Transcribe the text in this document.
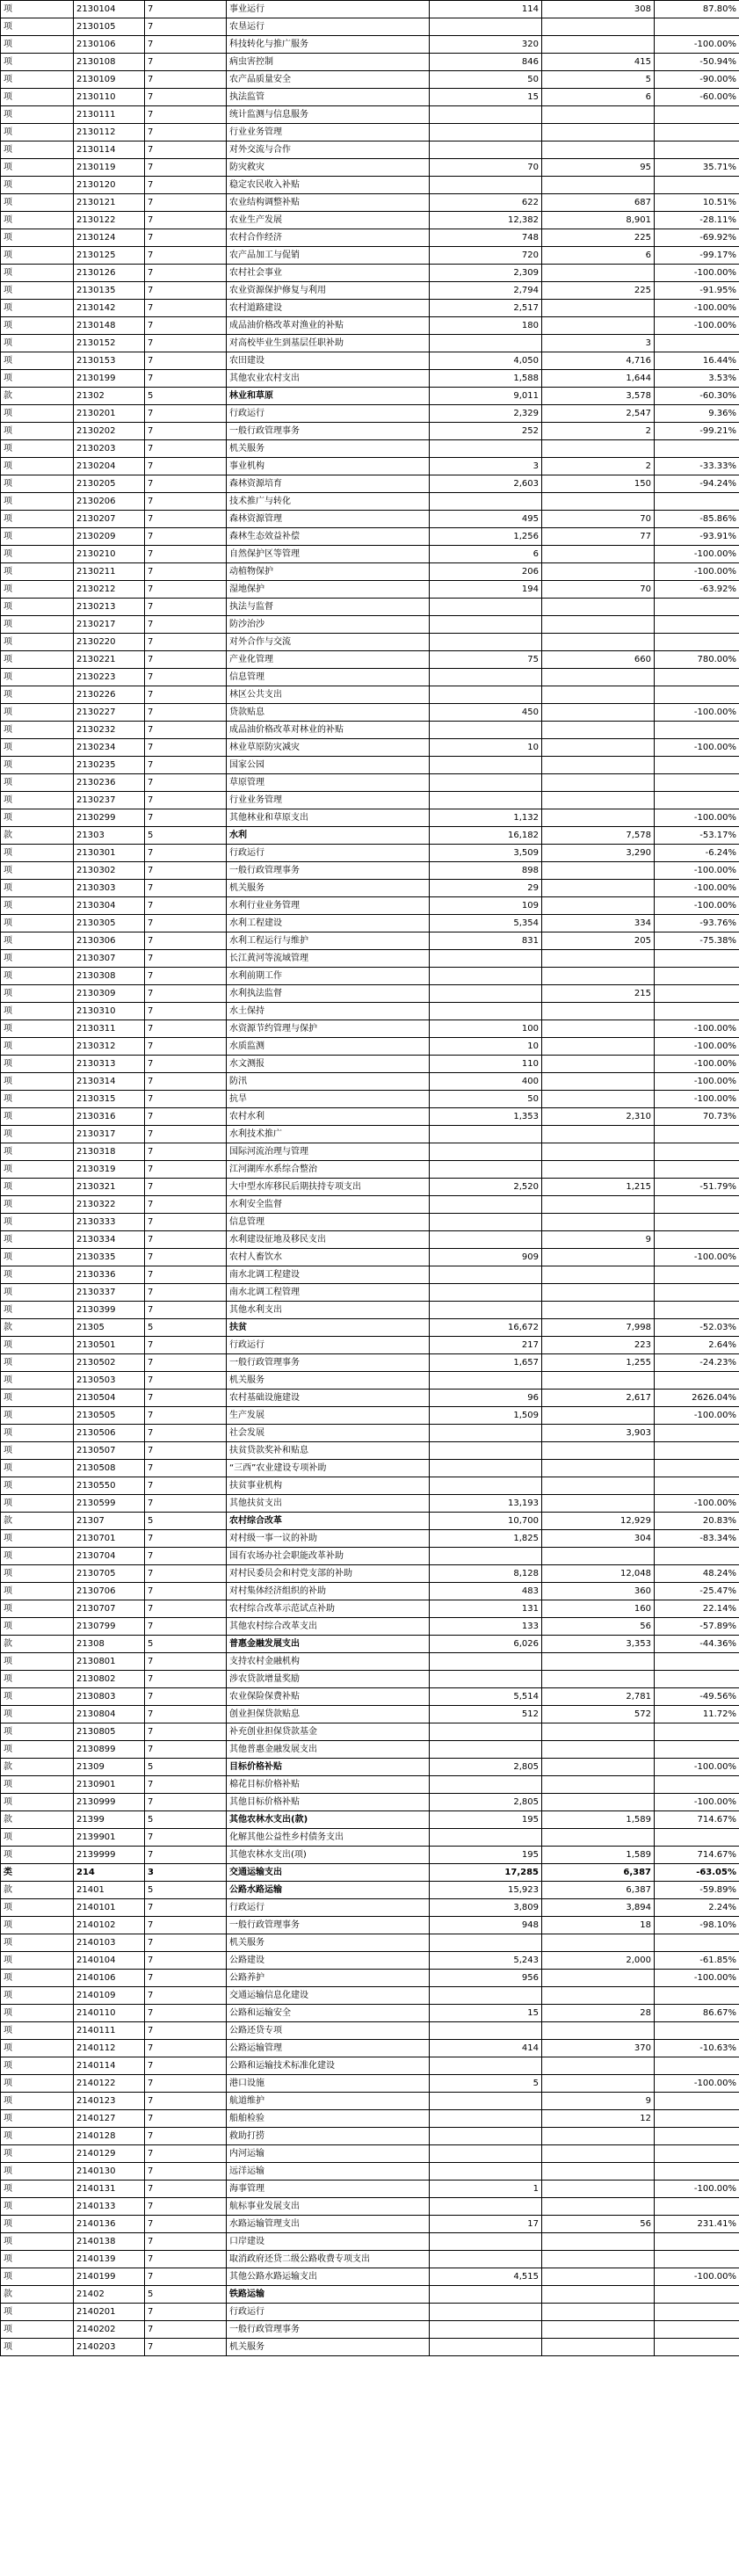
项	2130104	7	事业运行	114	308	87.80%
项	2130105	7	农垦运行			
项	2130106	7	科技转化与推广服务	320		-100.00%
项	2130108	7	病虫害控制	846	415	-50.94%
项	2130109	7	农产品质量安全	50	5	-90.00%
项	2130110	7	执法监管	15	6	-60.00%
项	2130111	7	统计监测与信息服务			
项	2130112	7	行业业务管理			
项	2130114	7	对外交流与合作			
项	2130119	7	防灾救灾	70	95	35.71%
项	2130120	7	稳定农民收入补贴			
项	2130121	7	农业结构调整补贴	622	687	10.51%
项	2130122	7	农业生产发展	12,382	8,901	-28.11%
项	2130124	7	农村合作经济	748	225	-69.92%
项	2130125	7	农产品加工与促销	720	6	-99.17%
项	2130126	7	农村社会事业	2,309		-100.00%
项	2130135	7	农业资源保护修复与利用	2,794	225	-91.95%
项	2130142	7	农村道路建设	2,517		-100.00%
项	2130148	7	成品油价格改革对渔业的补贴	180		-100.00%
项	2130152	7	对高校毕业生到基层任职补助		3	
项	2130153	7	农田建设	4,050	4,716	16.44%
项	2130199	7	其他农业农村支出	1,588	1,644	3.53%
款	21302	5	林业和草原	9,011	3,578	-60.30%
项	2130201	7	行政运行	2,329	2,547	9.36%
项	2130202	7	一般行政管理事务	252	2	-99.21%
项	2130203	7	机关服务			
项	2130204	7	事业机构	3	2	-33.33%
项	2130205	7	森林资源培育	2,603	150	-94.24%
项	2130206	7	技术推广与转化			
项	2130207	7	森林资源管理	495	70	-85.86%
项	2130209	7	森林生态效益补偿	1,256	77	-93.91%
项	2130210	7	自然保护区等管理	6		-100.00%
项	2130211	7	动植物保护	206		-100.00%
项	2130212	7	湿地保护	194	70	-63.92%
项	2130213	7	执法与监督			
项	2130217	7	防沙治沙			
项	2130220	7	对外合作与交流			
项	2130221	7	产业化管理	75	660	780.00%
项	2130223	7	信息管理			
项	2130226	7	林区公共支出			
项	2130227	7	贷款贴息	450		-100.00%
项	2130232	7	成品油价格改革对林业的补贴			
项	2130234	7	林业草原防灾减灾	10		-100.00%
项	2130235	7	国家公园			
项	2130236	7	草原管理			
项	2130237	7	行业业务管理			
项	2130299	7	其他林业和草原支出	1,132		-100.00%
款	21303	5	水利	16,182	7,578	-53.17%
项	2130301	7	行政运行	3,509	3,290	-6.24%
项	2130302	7	一般行政管理事务	898		-100.00%
项	2130303	7	机关服务	29		-100.00%
项	2130304	7	水利行业业务管理	109		-100.00%
项	2130305	7	水利工程建设	5,354	334	-93.76%
项	2130306	7	水利工程运行与维护	831	205	-75.38%
项	2130307	7	长江黄河等流域管理			
项	2130308	7	水利前期工作			
项	2130309	7	水利执法监督		215	
项	2130310	7	水土保持			
项	2130311	7	水资源节约管理与保护	100		-100.00%
项	2130312	7	水质监测	10		-100.00%
项	2130313	7	水文测报	110		-100.00%
项	2130314	7	防汛	400		-100.00%
项	2130315	7	抗旱	50		-100.00%
项	2130316	7	农村水利	1,353	2,310	70.73%
项	2130317	7	水利技术推广			
项	2130318	7	国际河流治理与管理			
项	2130319	7	江河湖库水系综合整治			
项	2130321	7	大中型水库移民后期扶持专项支出	2,520	1,215	-51.79%
项	2130322	7	水利安全监督			
项	2130333	7	信息管理			
项	2130334	7	水利建设征地及移民支出		9	
项	2130335	7	农村人畜饮水	909		-100.00%
项	2130336	7	南水北调工程建设			
项	2130337	7	南水北调工程管理			
项	2130399	7	其他水利支出			
款	21305	5	扶贫	16,672	7,998	-52.03%
项	2130501	7	行政运行	217	223	2.64%
项	2130502	7	一般行政管理事务	1,657	1,255	-24.23%
项	2130503	7	机关服务			
项	2130504	7	农村基础设施建设	96	2,617	2626.04%
项	2130505	7	生产发展	1,509		-100.00%
项	2130506	7	社会发展		3,903	
项	2130507	7	扶贫贷款奖补和贴息			
项	2130508	7	“三西”农业建设专项补助			
项	2130550	7	扶贫事业机构			
项	2130599	7	其他扶贫支出	13,193		-100.00%
款	21307	5	农村综合改革	10,700	12,929	20.83%
项	2130701	7	对村级一事一议的补助	1,825	304	-83.34%
项	2130704	7	国有农场办社会职能改革补助			
项	2130705	7	对村民委员会和村党支部的补助	8,128	12,048	48.24%
项	2130706	7	对村集体经济组织的补助	483	360	-25.47%
项	2130707	7	农村综合改革示范试点补助	131	160	22.14%
项	2130799	7	其他农村综合改革支出	133	56	-57.89%
款	21308	5	普惠金融发展支出	6,026	3,353	-44.36%
项	2130801	7	支持农村金融机构			
项	2130802	7	涉农贷款增量奖励			
项	2130803	7	农业保险保费补贴	5,514	2,781	-49.56%
项	2130804	7	创业担保贷款贴息	512	572	11.72%
项	2130805	7	补充创业担保贷款基金			
项	2130899	7	其他普惠金融发展支出			
款	21309	5	目标价格补贴	2,805		-100.00%
项	2130901	7	棉花目标价格补贴			
项	2130999	7	其他目标价格补贴	2,805		-100.00%
款	21399	5	其他农林水支出(款)	195	1,589	714.67%
项	2139901	7	化解其他公益性乡村债务支出			
项	2139999	7	其他农林水支出(项)	195	1,589	714.67%
类	214	3	交通运输支出	17,285	6,387	-63.05%
款	21401	5	公路水路运输	15,923	6,387	-59.89%
项	2140101	7	行政运行	3,809	3,894	2.24%
项	2140102	7	一般行政管理事务	948	18	-98.10%
项	2140103	7	机关服务			
项	2140104	7	公路建设	5,243	2,000	-61.85%
项	2140106	7	公路养护	956		-100.00%
项	2140109	7	交通运输信息化建设			
项	2140110	7	公路和运输安全	15	28	86.67%
项	2140111	7	公路还贷专项			
项	2140112	7	公路运输管理	414	370	-10.63%
项	2140114	7	公路和运输技术标准化建设			
项	2140122	7	港口设施	5		-100.00%
项	2140123	7	航道维护		9	
项	2140127	7	船舶检验		12	
项	2140128	7	救助打捞			
项	2140129	7	内河运输			
项	2140130	7	远洋运输			
项	2140131	7	海事管理	1		-100.00%
项	2140133	7	航标事业发展支出			
项	2140136	7	水路运输管理支出	17	56	231.41%
项	2140138	7	口岸建设			
项	2140139	7	取消政府还贷二级公路收费专项支出			
项	2140199	7	其他公路水路运输支出	4,515		-100.00%
款	21402	5	铁路运输			
项	2140201	7	行政运行			
项	2140202	7	一般行政管理事务			
项	2140203	7	机关服务			
